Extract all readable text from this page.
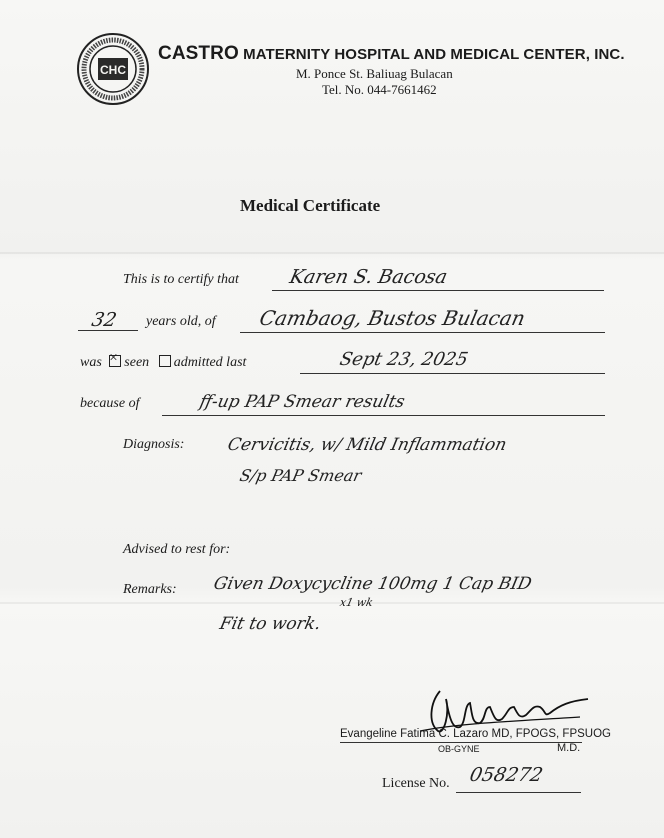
CHC
CASTRO MATERNITY HOSPITAL AND MEDICAL CENTER, INC.
M. Ponce St. Baliuag Bulacan
Tel. No. 044-7661462
Medical Certificate
This is to certify that	Karen S. Bacosa
32 years old, of Cambaog, Bustos Bulacan
was × seen admitted last	Sept 23, 2025
because of	ff-up PAP Smear results
Diagnosis: Cervicitis, w/ Mild Inflammation
S/p PAP Smear
Advised to rest for:
Remarks: Given Doxycycline 100mg 1 Cap BID
x1 wk
Fit to work.
Evangeline Fatima C. Lazaro MD, FPOGS, FPSUOG
OB-GYNE	M.D.
License No. 058272
